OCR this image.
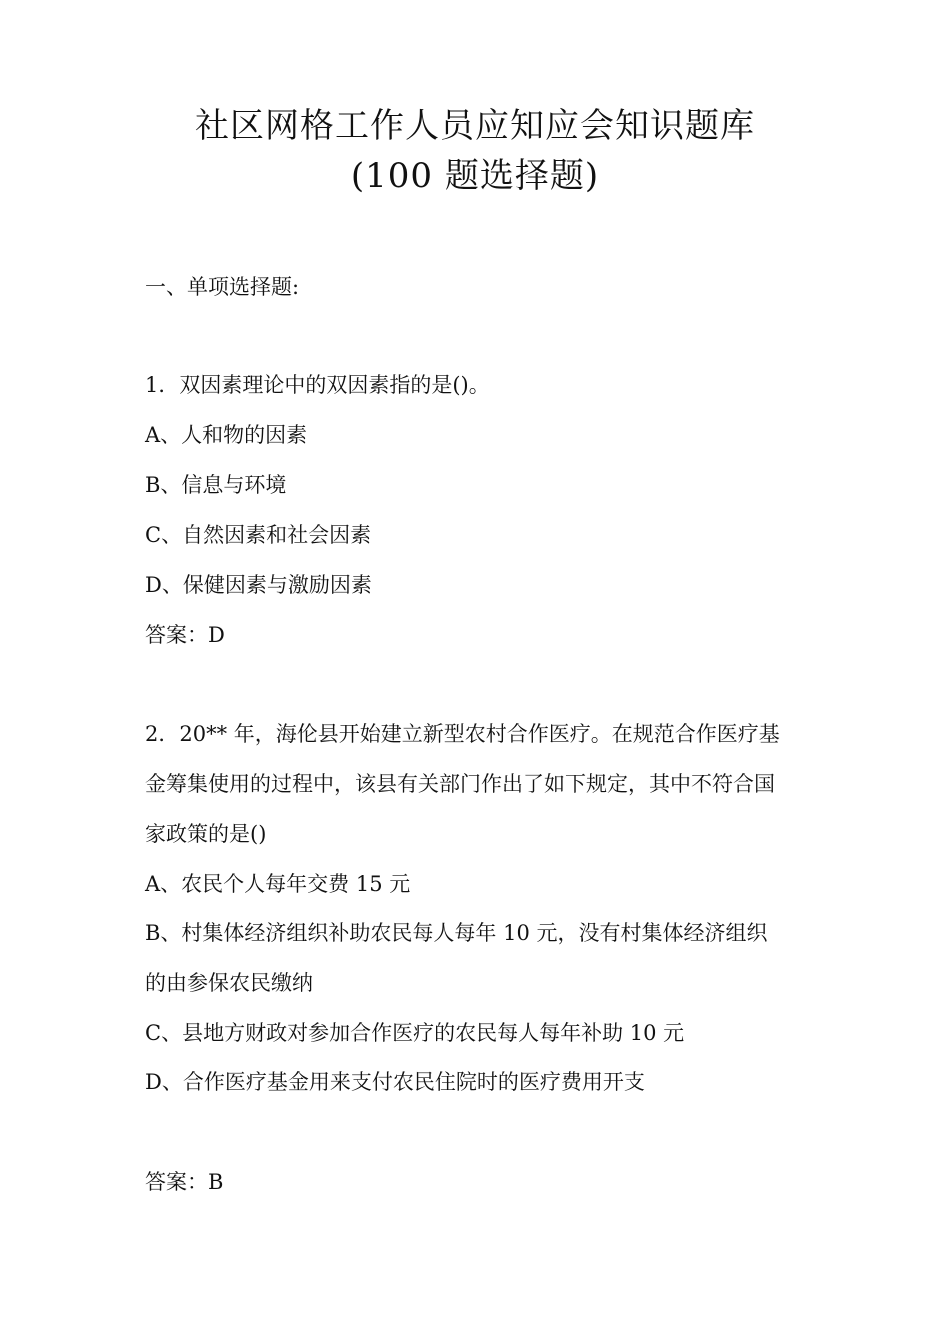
社区网格工作人员应知应会知识题库
(100 题选择题)
一、单项选择题:
1．双因素理论中的双因素指的是()。
A、人和物的因素
B、信息与环境
C、自然因素和社会因素
D、保健因素与激励因素
答案：D
2．20** 年，海伦县开始建立新型农村合作医疗。在规范合作医疗基
金筹集使用的过程中，该县有关部门作出了如下规定，其中不符合国
家政策的是()
A、农民个人每年交费 15 元
B、村集体经济组织补助农民每人每年 10 元，没有村集体经济组织
的由参保农民缴纳
C、县地方财政对参加合作医疗的农民每人每年补助 10 元
D、合作医疗基金用来支付农民住院时的医疗费用开支
答案：B
